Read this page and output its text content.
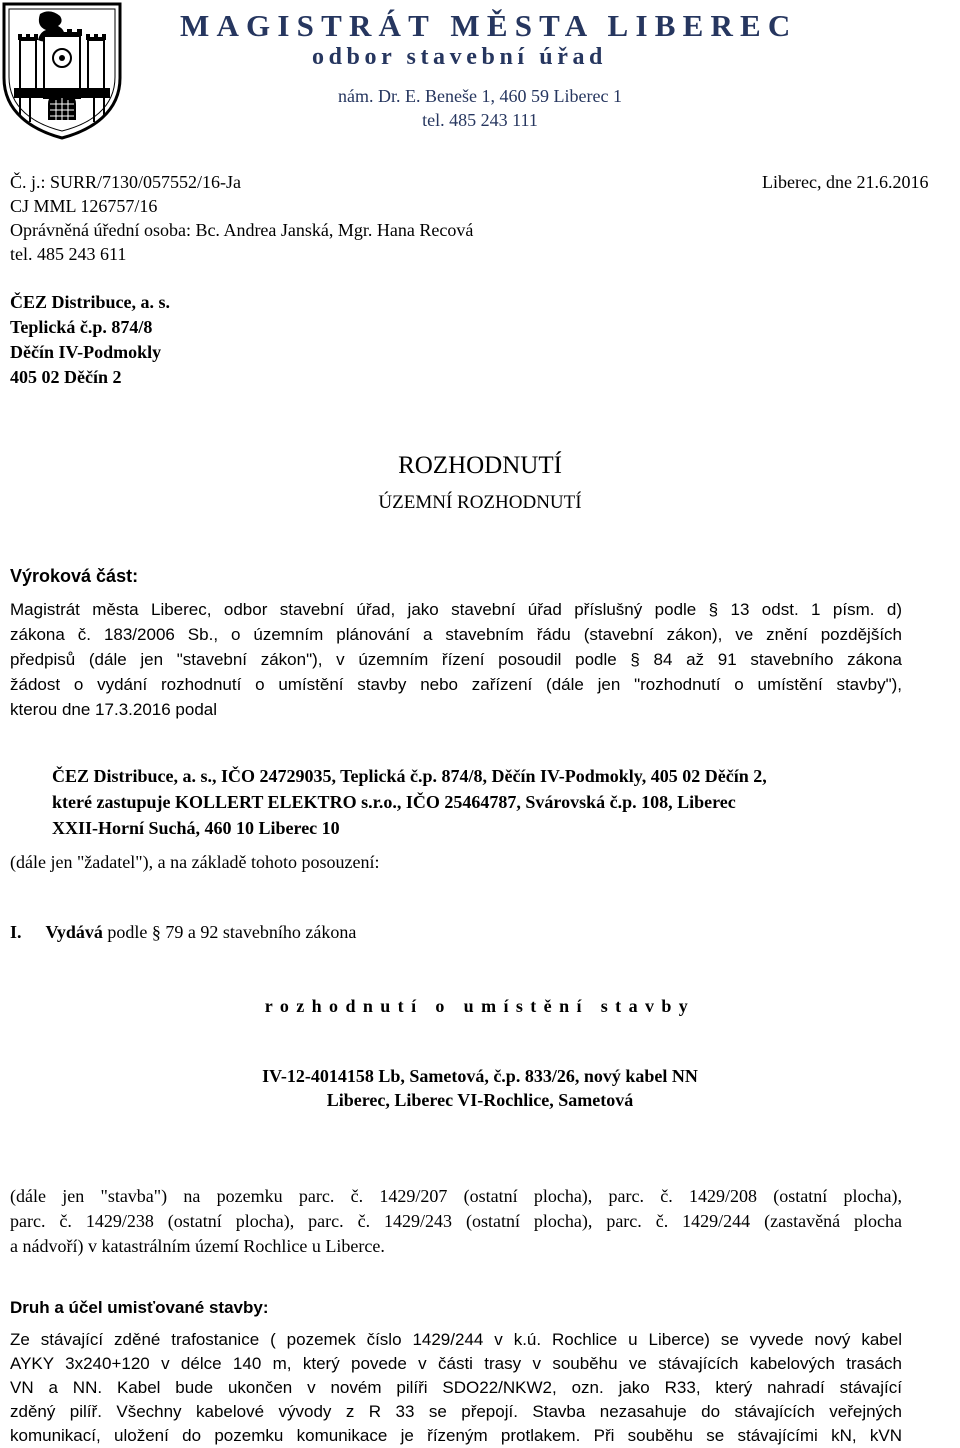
MAGISTRÁT MĚSTA LIBEREC
odbor stavební úřad
nám. Dr. E. Beneše 1, 460 59 Liberec 1
tel. 485 243 111
Č. j.: SURR/7130/057552/16-Ja	Liberec, dne 21.6.2016
CJ MML 126757/16
Oprávněná úřední osoba: Bc. Andrea Janská, Mgr. Hana Recová
tel. 485 243 611
ČEZ Distribuce, a. s.
Teplická č.p. 874/8
Děčín IV-Podmokly
405 02 Děčín 2
ROZHODNUTÍ
ÚZEMNÍ ROZHODNUTÍ
Výroková část:
Magistrát města Liberec, odbor stavební úřad, jako stavební úřad příslušný podle § 13 odst. 1 písm. d)
zákona č. 183/2006 Sb., o územním plánování a stavebním řádu (stavební zákon), ve znění pozdějších
předpisů (dále jen "stavební zákon"), v územním řízení posoudil podle § 84 až 91 stavebního zákona
žádost o vydání rozhodnutí o umístění stavby nebo zařízení (dále jen "rozhodnutí o umístění stavby"),
kterou dne 17.3.2016 podal
ČEZ Distribuce, a. s., IČO 24729035, Teplická č.p. 874/8, Děčín IV-Podmokly, 405 02 Děčín 2,
které zastupuje KOLLERT ELEKTRO s.r.o., IČO 25464787, Svárovská č.p. 108, Liberec
XXII-Horní Suchá, 460 10 Liberec 10
(dále jen "žadatel"), a na základě tohoto posouzení:
I. Vydává podle § 79 a 92 stavebního zákona
rozhodnutí o umístění stavby
IV-12-4014158 Lb, Sametová, č.p. 833/26, nový kabel NN
Liberec, Liberec VI-Rochlice, Sametová
(dále jen "stavba") na pozemku parc. č. 1429/207 (ostatní plocha), parc. č. 1429/208 (ostatní plocha),
parc. č. 1429/238 (ostatní plocha), parc. č. 1429/243 (ostatní plocha), parc. č. 1429/244 (zastavěná plocha
a nádvoří) v katastrálním území Rochlice u Liberce.
Druh a účel umisťované stavby:
Ze stávající zděné trafostanice ( pozemek číslo 1429/244 v k.ú. Rochlice u Liberce) se vyvede nový kabel
AYKY 3x240+120 v délce 140 m, který povede v části trasy v souběhu ve stávajících kabelových trasách
VN a NN. Kabel bude ukončen v novém pilíři SDO22/NKW2, ozn. jako R33, který nahradí stávající
zděný pilíř. Všechny kabelové vývody z R 33 se přepojí. Stavba nezasahuje do stávajících veřejných
komunikací, uložení do pozemku komunikace je řízeným protlakem. Při souběhu se stávajícími kN, kVN
